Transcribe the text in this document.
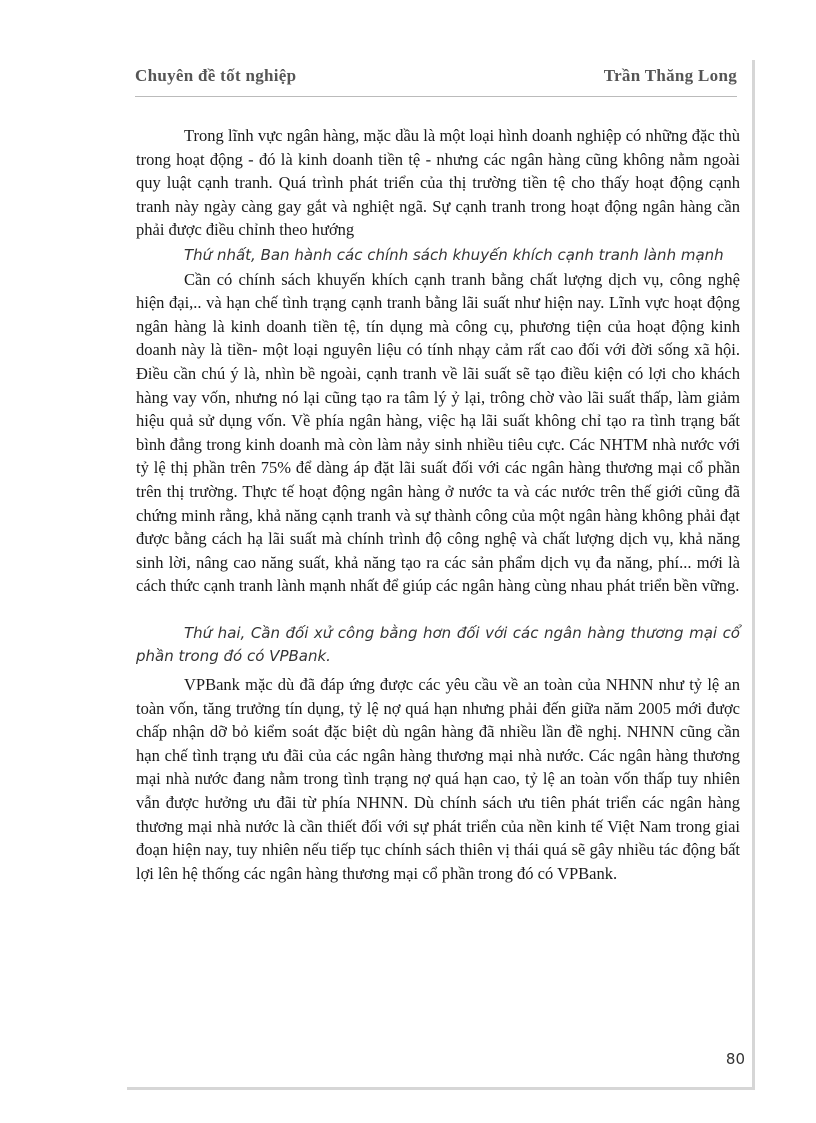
Chuyên đề tốt nghiệp	Trần Thăng Long

Trong lĩnh vực ngân hàng, mặc dầu là một loại hình doanh nghiệp có những đặc thù trong hoạt động - đó là kinh doanh tiền tệ - nhưng các ngân hàng cũng không nằm ngoài quy luật cạnh tranh. Quá trình phát triển của thị trường tiền tệ cho thấy hoạt động cạnh tranh này ngày càng gay gắt và nghiệt ngã. Sự cạnh tranh trong hoạt động ngân hàng cần phải được điều chỉnh theo hướng

Thứ nhất, Ban hành các chính sách khuyến khích cạnh tranh lành mạnh

Cần có chính sách khuyến khích cạnh tranh bằng chất lượng dịch vụ, công nghệ hiện đại,.. và hạn chế tình trạng cạnh tranh bằng lãi suất như hiện nay. Lĩnh vực hoạt động ngân hàng là kinh doanh tiền tệ, tín dụng mà công cụ, phương tiện của hoạt động kinh doanh này là tiền- một loại nguyên liệu có tính nhạy cảm rất cao đối với đời sống xã hội. Điều cần chú ý là, nhìn bề ngoài, cạnh tranh về lãi suất sẽ tạo điều kiện có lợi cho khách hàng vay vốn, nhưng nó lại cũng tạo ra tâm lý ỷ lại, trông chờ vào lãi suất thấp, làm giảm hiệu quả sử dụng vốn. Về phía ngân hàng, việc hạ lãi suất không chỉ tạo ra tình trạng bất bình đẳng trong kinh doanh mà còn làm nảy sinh nhiều tiêu cực. Các NHTM nhà nước với tỷ lệ thị phần trên 75% để dàng áp đặt lãi suất đối với các ngân hàng thương mại cổ phần trên thị trường. Thực tế hoạt động ngân hàng ở nước ta và các nước trên thế giới cũng đã chứng minh rằng, khả năng cạnh tranh và sự thành công của một ngân hàng không phải đạt được bằng cách hạ lãi suất mà chính trình độ công nghệ và chất lượng dịch vụ, khả năng sinh lời, nâng cao năng suất, khả năng tạo ra các sản phẩm dịch vụ đa năng, phí... mới là cách thức cạnh tranh lành mạnh nhất để giúp các ngân hàng cùng nhau phát triển bền vững.

Thứ hai, Cần đối xử công bằng hơn đối với các ngân hàng thương mại cổ phần trong đó có VPBank.

VPBank mặc dù đã đáp ứng được các yêu cầu về an toàn của NHNN như tỷ lệ an toàn vốn, tăng trưởng tín dụng, tỷ lệ nợ quá hạn nhưng phải đến giữa năm 2005 mới được chấp nhận dỡ bỏ kiểm soát đặc biệt dù ngân hàng đã nhiều lần đề nghị. NHNN cũng cần hạn chế tình trạng ưu đãi của các ngân hàng thương mại nhà nước. Các ngân hàng thương mại nhà nước đang nằm trong tình trạng nợ quá hạn cao, tỷ lệ an toàn vốn thấp tuy nhiên vẫn được hưởng ưu đãi từ phía NHNN. Dù chính sách ưu tiên phát triển các ngân hàng thương mại nhà nước là cần thiết đối với sự phát triển của nền kinh tế Việt Nam trong giai đoạn hiện nay, tuy nhiên nếu tiếp tục chính sách thiên vị thái quá sẽ gây nhiều tác động bất lợi lên hệ thống các ngân hàng thương mại cổ phần trong đó có VPBank.

80
